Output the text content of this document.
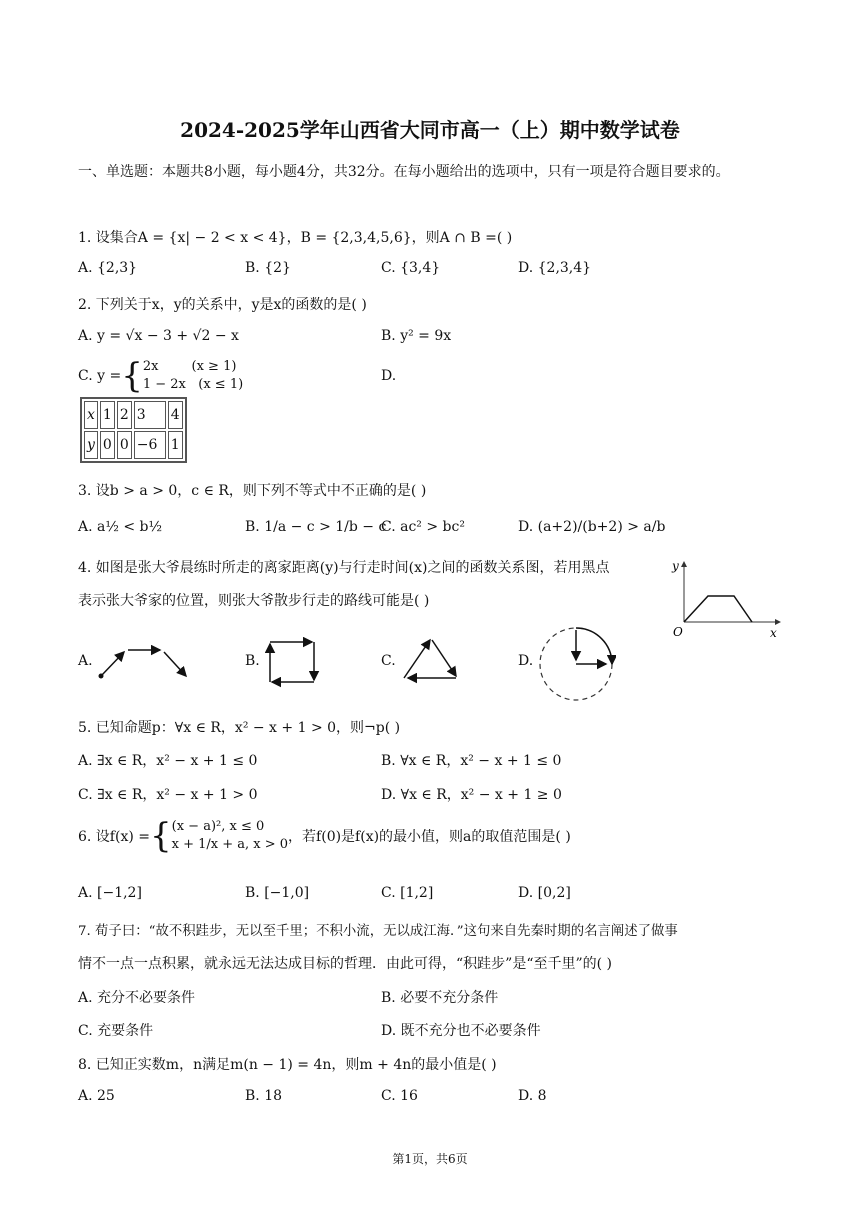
2024-2025学年山西省大同市高一（上）期中数学试卷
一、单选题：本题共8小题，每小题4分，共32分。在每小题给出的选项中，只有一项是符合题目要求的。
1. 设集合A = {x| − 2 < x < 4}，B = {2,3,4,5,6}，则A ∩ B =( )
A. {2,3}	B. {2}	C. {3,4}	D. {2,3,4}
2. 下列关于x，y的关系中，y是x的函数的是( )
A. y = √x − 3 + √2 − x	B. y² = 9x
C. y = { 2x        (x ≥ 1)
1 − 2x   (x ≤ 1)
D.
x	1	2	3	4
y	0	0	−6	1
3. 设b > a > 0，c ∈ R，则下列不等式中不正确的是( )
A. a½ < b½	B. 1/a − c > 1/b − c
C. ac² > bc²	D. (a+2)/(b+2) > a/b
4. 如图是张大爷晨练时所走的离家距离(y)与行走时间(x)之间的函数关系图，若用黑点
表示张大爷家的位置，则张大爷散步行走的路线可能是( )
y
O	x
A.	B.	C.	D.
5. 已知命题p：∀x ∈ R，x² − x + 1 > 0，则¬p( )
A. ∃x ∈ R，x² − x + 1 ≤ 0	B. ∀x ∈ R，x² − x + 1 ≤ 0
C. ∃x ∈ R，x² − x + 1 > 0	D. ∀x ∈ R，x² − x + 1 ≥ 0
6. 设f(x) = { (x − a)², x ≤ 0
x + 1/x + a, x > 0 ，若f(0)是f(x)的最小值，则a的取值范围是( )
A. [−1,2]	B. [−1,0]	C. [1,2]	D. [0,2]
7. 荀子曰：“故不积跬步，无以至千里；不积小流，无以成江海．”这句来自先秦时期的名言阐述了做事
情不一点一点积累，就永远无法达成目标的哲理．由此可得，“积跬步”是“至千里”的( )
A. 充分不必要条件	B. 必要不充分条件
C. 充要条件	D. 既不充分也不必要条件
8. 已知正实数m，n满足m(n − 1) = 4n，则m + 4n的最小值是( )
A. 25	B. 18	C. 16	D. 8
第1页，共6页
